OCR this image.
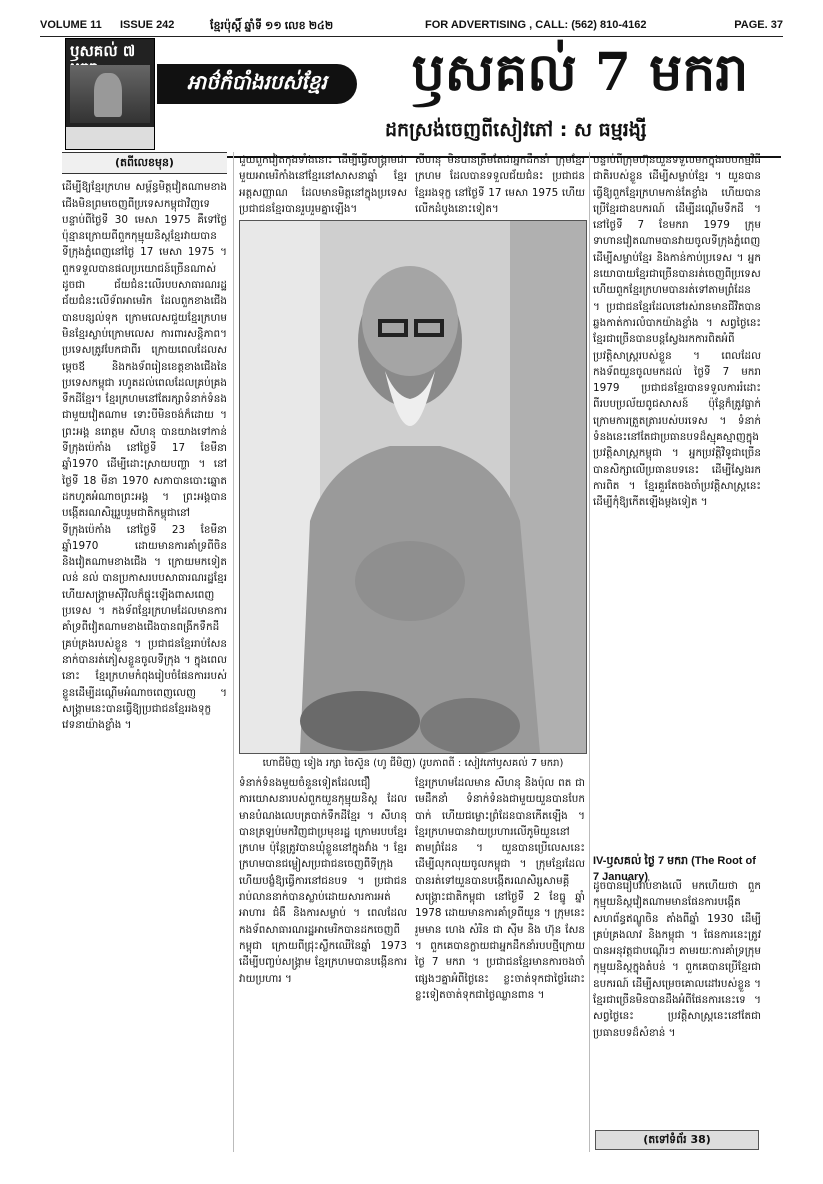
VOLUME 11 ISSUE 242	ខ្មែរប៉ុស្តិ៍ ឆ្នាំទី ១១ លេខ ២៤២	FOR ADVERTISING , CALL: (562) 810-4162	PAGE. 37
ឫសគល់ ៧
អាថ៌កំបាំងរបស់ខ្មែរ	ឫសគល់ 7 មករា
ដកស្រង់ចេញពីសៀវភៅ : ស ធម្មរង្សី
(តពីលេខមុន)
ដើម្បីឱ្យខ្មែរក្រហម សម្ព័ន្ធមិត្តវៀតណាមខាងជើងមិនព្រមចេញពីប្រទេសកម្ពុជាវិញទេ បន្ទាប់ពីថ្ងៃទី 30 មេសា 1975 គឺទៅថ្ងៃប៉ុន្មានក្រោយពីពួកកុម្មុយនិស្តខ្មែរវាយបានទីក្រុងភ្នំពេញនៅថ្ងៃ 17 មេសា 1975 ។ ពួកទទួលបានផលប្រយោជន៍ច្រើនណាស់ ដូចជា ជ័យជំនះលើរបបសាធារណរដ្ឋ ជ័យជំនះលើទ័ពអាមេរិក ដែលពួកខាងជើងបានបន្សល់ទុក ក្រោមលេសជួយខ្មែរក្រហម មិនខ្មែរស្លាប់ក្រោមលេស ការពារសន្តិភាព។ ប្រទេសត្រូវបែកជាពីរ ក្រោយពេលដែលសម្តេចឪ និងកងទ័ពរៀនខេត្តខាងជើងនៃប្រទេសកម្ពុជា រហូតដល់ពេលដែលគ្រប់គ្រងទឹកដីខ្មែរ។ ខ្មែរក្រហមនៅតែរក្សាទំនាក់ទំនងជាមួយវៀតណាម ទោះបីមិនចង់ក៏ដោយ ។ ព្រះអង្គ នរោត្តម សីហនុ បានយាងទៅកាន់ទីក្រុងប៉េកាំង នៅថ្ងៃទី 17 ខែមីនា ឆ្នាំ1970 ដើម្បីដោះស្រាយបញ្ហា ។ នៅថ្ងៃទី 18 មីនា 1970 សភាបានបោះឆ្នោតដកហូតអំណាចព្រះអង្គ ។ ព្រះអង្គបានបង្កើតរណសិរ្សរួបរួមជាតិកម្ពុជានៅទីក្រុងប៉េកាំង នៅថ្ងៃទី 23 ខែមីនា ឆ្នាំ1970 ដោយមានការគាំទ្រពីចិន និងវៀតណាមខាងជើង ។ ក្រោយមកទៀត លន់ នល់ បានប្រកាសរបបសាធារណរដ្ឋខ្មែរ ហើយសង្គ្រាមស៊ីវិលក៏ផ្ទុះឡើងពាសពេញប្រទេស ។ កងទ័ពខ្មែរក្រហមដែលមានការគាំទ្រពីវៀតណាមខាងជើងបានពង្រីកទឹកដីគ្រប់គ្រងរបស់ខ្លួន ។ ប្រជាជនខ្មែររាប់សែននាក់បានរត់ភៀសខ្លួនចូលទីក្រុង ។ ក្នុងពេលនោះ ខ្មែរក្រហមកំពុងរៀបចំផែនការរបស់ខ្លួនដើម្បីដណ្តើមអំណាចពេញលេញ ។ សង្គ្រាមនេះបានធ្វើឱ្យប្រជាជនខ្មែររងទុក្ខវេទនាយ៉ាងខ្លាំង ។
ជួយពួកវៀតកុងទាំងនោះ ដើម្បីធ្វើសង្គ្រាមជាមួយអាមេរិកាំងនៅខ្មែរនៅសាសនាឆ្នាំ ខ្មែរអត្តសញ្ញាណ ដែលមានមិត្តនៅក្នុងប្រទេស ប្រជាជនខ្មែរបានរួបរួមគ្នាឡើង។
សីហនុ មិនបានត្រឹមតែជាអ្នកដឹកនាំ ក្រុមខ្មែរក្រហម ដែលបានទទួលជ័យជំនះ ប្រជាជនខ្មែររងទុក្ខ នៅថ្ងៃទី 17 មេសា 1975 ហើយលើកដំបូងនោះទៀត។
បន្ទាប់ពីក្រុមហ៊ុនយួនទទួលមកក្នុងរបបកម្មវិធីជាតិរបស់ខ្លួន ដើម្បីសម្លាប់ខ្មែរ ។ យួនបានធ្វើឱ្យពួកខ្មែរក្រហមកាន់តែខ្លាំង ហើយបានប្រើខ្មែរជាឧបករណ៍ ដើម្បីដណ្តើមទឹកដី ។ នៅថ្ងៃទី 7 ខែមករា 1979 ក្រុមទាហានវៀតណាមបានវាយចូលទីក្រុងភ្នំពេញ ដើម្បីសម្លាប់ខ្មែរ និងកាន់កាប់ប្រទេស ។ អ្នកនយោបាយខ្មែរជាច្រើនបានរត់ចេញពីប្រទេស ហើយពួកខ្មែរក្រហមបានរត់ទៅតាមព្រំដែន ។ ប្រជាជនខ្មែរដែលនៅរស់រានមានជីវិតបានឆ្លងកាត់ការលំបាកយ៉ាងខ្លាំង ។ សព្វថ្ងៃនេះ ខ្មែរជាច្រើនបានបន្តស្វែងរកការពិតអំពីប្រវត្តិសាស្ត្ររបស់ខ្លួន ។ ពេលដែលកងទ័ពយួនចូលមកដល់ ថ្ងៃទី 7 មករា 1979 ប្រជាជនខ្មែរបានទទួលការរំដោះពីរបបប្រល័យពូជសាសន៍ ប៉ុន្តែក៏ត្រូវធ្លាក់ក្រោមការត្រួតត្រារបស់បរទេស ។ ទំនាក់ទំនងនេះនៅតែជាប្រធានបទដ៏ស្មុគស្មាញក្នុងប្រវត្តិសាស្ត្រកម្ពុជា ។ អ្នកប្រវត្តិវិទូជាច្រើនបានសិក្សាលើប្រធានបទនេះ ដើម្បីស្វែងរកការពិត ។ ខ្មែរគួរតែចងចាំប្រវត្តិសាស្ត្រនេះ ដើម្បីកុំឱ្យកើតឡើងម្តងទៀត ។
IV-ឫសគល់ ថ្ងៃ 7 មករា (The Root of 7 January)
ដូចបានរៀបរាប់ខាងលើ មកហើយថា ពួកកុម្មុយនិស្តវៀតណាមមានផែនការបង្កើតសហព័ន្ធឥណ្ឌូចិន តាំងពីឆ្នាំ 1930 ដើម្បីគ្រប់គ្រងលាវ និងកម្ពុជា ។ ផែនការនេះត្រូវបានអនុវត្តជាបណ្តើរៗ តាមរយៈការគាំទ្រក្រុមកុម្មុយនិស្តក្នុងតំបន់ ។ ពួកគេបានប្រើខ្មែរជាឧបករណ៍ ដើម្បីសម្រេចគោលដៅរបស់ខ្លួន ។ ខ្មែរជាច្រើនមិនបានដឹងអំពីផែនការនេះទេ ។ សព្វថ្ងៃនេះ ប្រវត្តិសាស្ត្រនេះនៅតែជាប្រធានបទដ៏សំខាន់ ។
ហោជីមិញ ទៀង រក្សា ចៃស៊ួន (ហូ ជីមិញ) (រូបភាពពី : សៀវភៅឫសគល់ 7 មករា)
ទំនាក់ទំនងមួយចំនួនទៀតដែលជឿ ការយោសនារបស់ពួកយួនកុម្មុយនិស្ត ដែលមានបំណងលេបត្របាក់ទឹកដីខ្មែរ ។ សីហនុ បានត្រឡប់មកវិញជាប្រមុខរដ្ឋ ក្រោមរបបខ្មែរក្រហម ប៉ុន្តែត្រូវបានឃុំខ្លួននៅក្នុងវាំង ។ ខ្មែរក្រហមបានជម្លៀសប្រជាជនចេញពីទីក្រុង ហើយបង្ខំឱ្យធ្វើការនៅជនបទ ។ ប្រជាជនរាប់លាននាក់បានស្លាប់ដោយសារការអត់អាហារ ជំងឺ និងការសម្លាប់ ។ ពេលដែលកងទ័ពសាធារណរដ្ឋអាមេរិកបានដកចេញពីកម្ពុជា ក្រោយពីជ្រុះស្លឹកឈើនៃឆ្នាំ 1973 ដើម្បីបញ្ចប់សង្គ្រាម ខ្មែរក្រហមបានបង្កើនការវាយប្រហារ ។
ខ្មែរក្រហមដែលមាន សីហនុ និងប៉ុល ពត ជាមេដឹកនាំ ទំនាក់ទំនងជាមួយយួនបានបែកបាក់ ហើយជម្លោះព្រំដែនបានកើតឡើង ។ ខ្មែរក្រហមបានវាយប្រហារលើភូមិយួននៅតាមព្រំដែន ។ យួនបានប្រើលេសនេះ ដើម្បីលុកលុយចូលកម្ពុជា ។ ក្រុមខ្មែរដែលបានរត់ទៅយួនបានបង្កើតរណសិរ្សសាមគ្គីសង្គ្រោះជាតិកម្ពុជា នៅថ្ងៃទី 2 ខែធ្នូ ឆ្នាំ 1978 ដោយមានការគាំទ្រពីយួន ។ ក្រុមនេះរួមមាន ហេង សំរិន ជា ស៊ីម និង ហ៊ុន សែន ។ ពួកគេបានក្លាយជាអ្នកដឹកនាំរបបថ្មីក្រោយថ្ងៃ 7 មករា ។ ប្រជាជនខ្មែរមានការចងចាំផ្សេងៗគ្នាអំពីថ្ងៃនេះ ខ្លះចាត់ទុកជាថ្ងៃរំដោះ ខ្លះទៀតចាត់ទុកជាថ្ងៃឈ្លានពាន ។
(តទៅទំព័រ 38)
